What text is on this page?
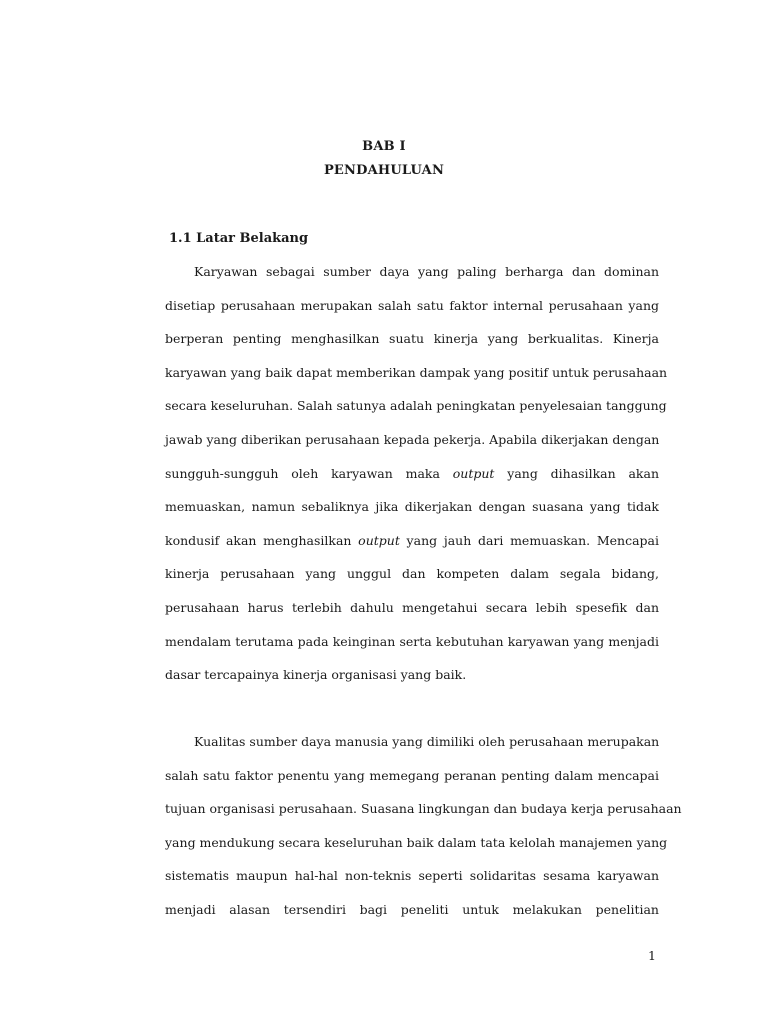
BAB I
PENDAHULUAN
1.1 Latar Belakang
Karyawan sebagai sumber daya yang paling berharga dan dominan
disetiap perusahaan merupakan salah satu faktor internal perusahaan yang
berperan penting menghasilkan suatu kinerja yang berkualitas. Kinerja
karyawan yang baik dapat memberikan dampak yang positif untuk perusahaan
secara keseluruhan. Salah satunya adalah peningkatan penyelesaian tanggung
jawab yang diberikan perusahaan kepada pekerja. Apabila dikerjakan dengan
sungguh-sungguh oleh karyawan maka output yang dihasilkan akan
memuaskan, namun sebaliknya jika dikerjakan dengan suasana yang tidak
kondusif akan menghasilkan output yang jauh dari memuaskan. Mencapai
kinerja perusahaan yang unggul dan kompeten dalam segala bidang,
perusahaan harus terlebih dahulu mengetahui secara lebih spesefik dan
mendalam terutama pada keinginan serta kebutuhan karyawan yang menjadi
dasar tercapainya kinerja organisasi yang baik.
Kualitas sumber daya manusia yang dimiliki oleh perusahaan merupakan
salah satu faktor penentu yang memegang peranan penting dalam mencapai
tujuan organisasi perusahaan. Suasana lingkungan dan budaya kerja perusahaan
yang mendukung secara keseluruhan baik dalam tata kelolah manajemen yang
sistematis maupun hal-hal non-teknis seperti solidaritas sesama karyawan
menjadi alasan tersendiri bagi peneliti untuk melakukan penelitian
1
